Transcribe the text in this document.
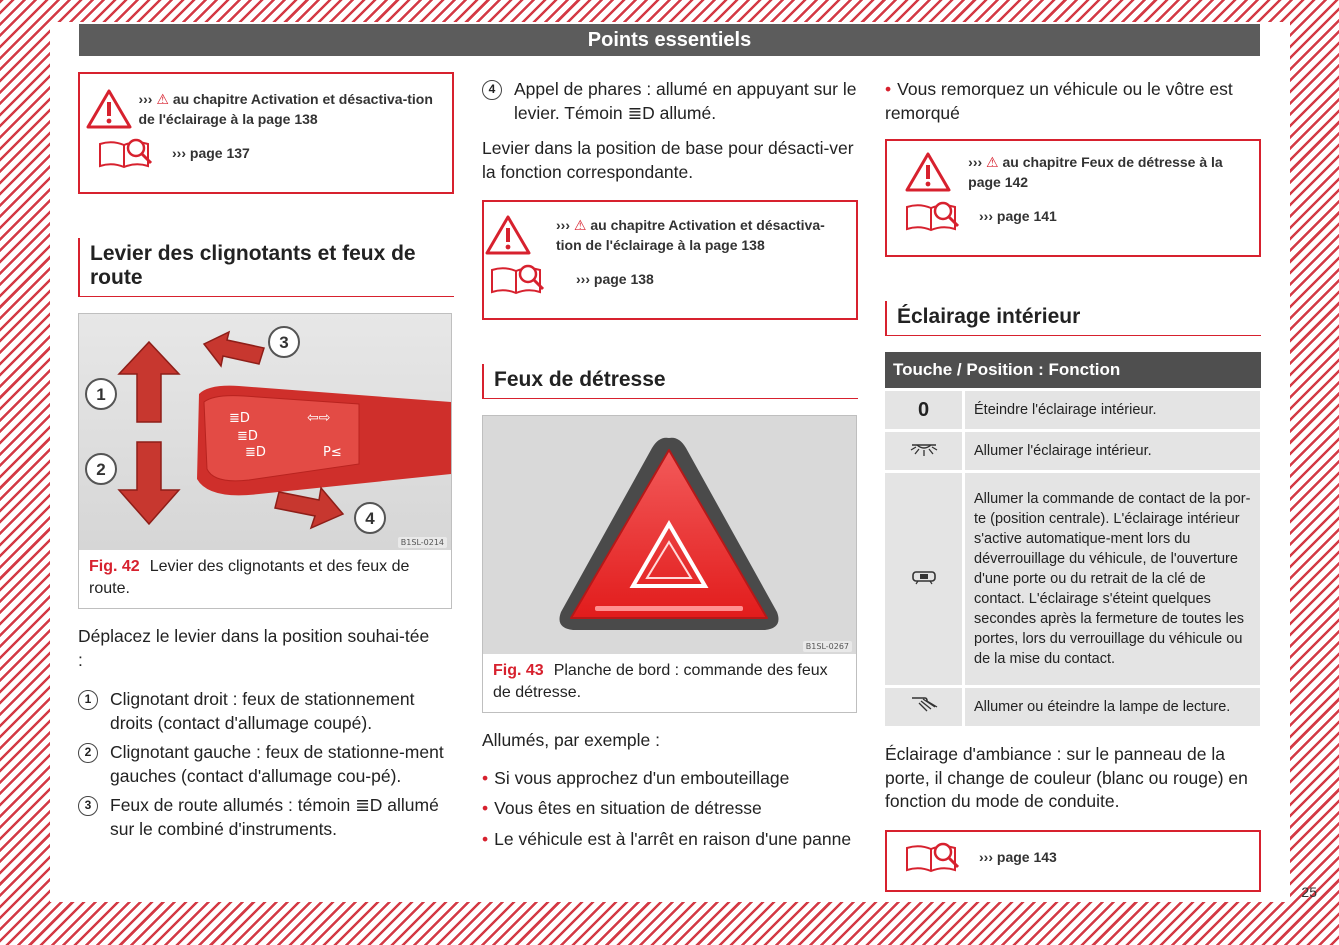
Points essentiels
››› ⚠ au chapitre Activation et désactiva-tion de l'éclairage à la page 138
››› page 137
Levier des clignotants et feux de route
≣D	⇦⇨
≣D
≣D	P≤
1
2
3
4
B1SL-0214
Fig. 42 Levier des clignotants et des feux de route.

Déplacez le levier dans la position souhai-tée :

1	Clignotant droit : feux de stationnement droits (contact d'allumage coupé).
2	Clignotant gauche : feux de stationne-ment gauches (contact d'allumage cou-pé).
3	Feux de route allumés : témoin ≣D allumé sur le combiné d'instruments.
4	Appel de phares : allumé en appuyant sur le levier. Témoin ≣D allumé.

Levier dans la position de base pour désacti-ver la fonction correspondante.

››› ⚠ au chapitre Activation et désactiva-tion de l'éclairage à la page 138
››› page 138
Feux de détresse
B1SL-0267
Fig. 43 Planche de bord : commande des feux de détresse.

Allumés, par exemple :

• Si vous approchez d'un embouteillage
• Vous êtes en situation de détresse
• Le véhicule est à l'arrêt en raison d'une panne
• Vous remorquez un véhicule ou le vôtre est remorqué
››› ⚠ au chapitre Feux de détresse à la page 142
››› page 141
Éclairage intérieur
Touche / Position : Fonction
0	Éteindre l'éclairage intérieur.
	Allumer l'éclairage intérieur.
	Allumer la commande de contact de la por-te (position centrale). L'éclairage intérieur s'active automatique-ment lors du déverrouillage du véhicule, de l'ouverture d'une porte ou du retrait de la clé de contact. L'éclairage s'éteint quelques secondes après la fermeture de toutes les portes, lors du verrouillage du véhicule ou de la mise du contact.
	Allumer ou éteindre la lampe de lecture.

Éclairage d'ambiance : sur le panneau de la porte, il change de couleur (blanc ou rouge) en fonction du mode de conduite.

››› page 143
25
